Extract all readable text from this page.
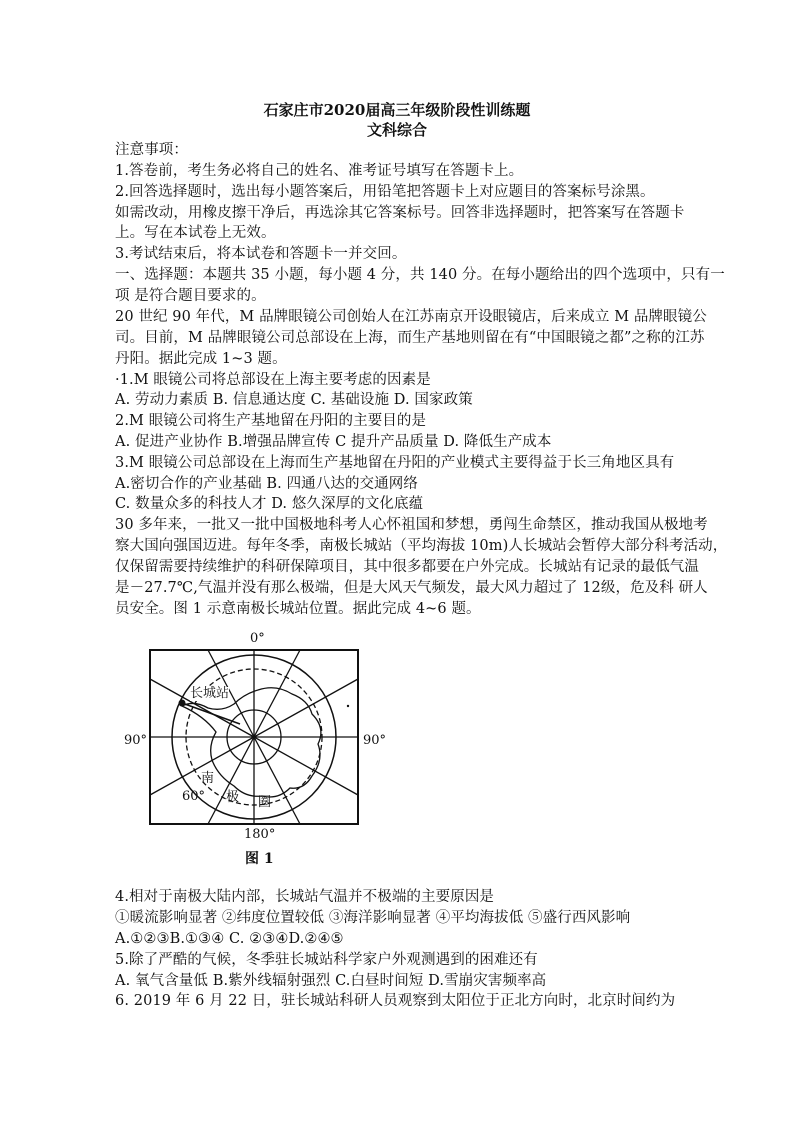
石家庄市2020届高三年级阶段性训练题
文科综合
注意事项：
1.答卷前，考生务必将自己的姓名、准考证号填写在答题卡上。
2.回答选择题时，选出每小题答案后，用铅笔把答题卡上对应题目的答案标号涂黑。
如需改动，用橡皮擦干净后，再选涂其它答案标号。回答非选择题时，把答案写在答题卡
上。写在本试卷上无效。
3.考试结束后，将本试卷和答题卡一并交回。
一、选择题：本题共 35 小题，每小题 4 分，共 140 分。在每小题给出的四个选项中，只有一
项 是符合题目要求的。
20 世纪 90 年代，M 品牌眼镜公司创始人在江苏南京开设眼镜店，后来成立 M 品牌眼镜公
司。目前，M 品牌眼镜公司总部设在上海，而生产基地则留在有“中国眼镜之都”之称的江苏
丹阳。据此完成 1~3 题。
·1.M 眼镜公司将总部设在上海主要考虑的因素是
A. 劳动力素质 B. 信息通达度 C. 基础设施 D. 国家政策
2.M 眼镜公司将生产基地留在丹阳的主要目的是
A. 促进产业协作 B.增强品牌宣传 C 提升产品质量 D. 降低生产成本
3.M 眼镜公司总部设在上海而生产基地留在丹阳的产业模式主要得益于长三角地区具有
A.密切合作的产业基础 B. 四通八达的交通网络
C. 数量众多的科技人才 D. 悠久深厚的文化底蕴
30 多年来，一批又一批中国极地科考人心怀祖国和梦想，勇闯生命禁区，推动我国从极地考
察大国向强国迈进。每年冬季，南极长城站（平均海拔 10m)人长城站会暂停大部分科考活动，
仅保留需要持续维护的科研保障项目，其中很多都要在户外完成。长城站有记录的最低气温
是－27.7℃,气温并没有那么极端，但是大风天气频发，最大风力超过了 12级，危及科 研人
员安全。图 1 示意南极长城站位置。据此完成 4~6 题。
0°
180°
90°	90°
长城站
60°
南
极 圈
图 1
4.相对于南极大陆内部，长城站气温并不极端的主要原因是
①暖流影响显著 ②纬度位置较低 ③海洋影响显著 ④平均海拔低 ⑤盛行西风影响
A.①②③B.①③④ C. ②③④D.②④⑤
5.除了严酷的气候，冬季驻长城站科学家户外观测遇到的困难还有
A. 氧气含量低 B.紫外线辐射强烈 C.白昼时间短 D.雪崩灾害频率高
6. 2019 年 6 月 22 日，驻长城站科研人员观察到太阳位于正北方向时，北京时间约为
